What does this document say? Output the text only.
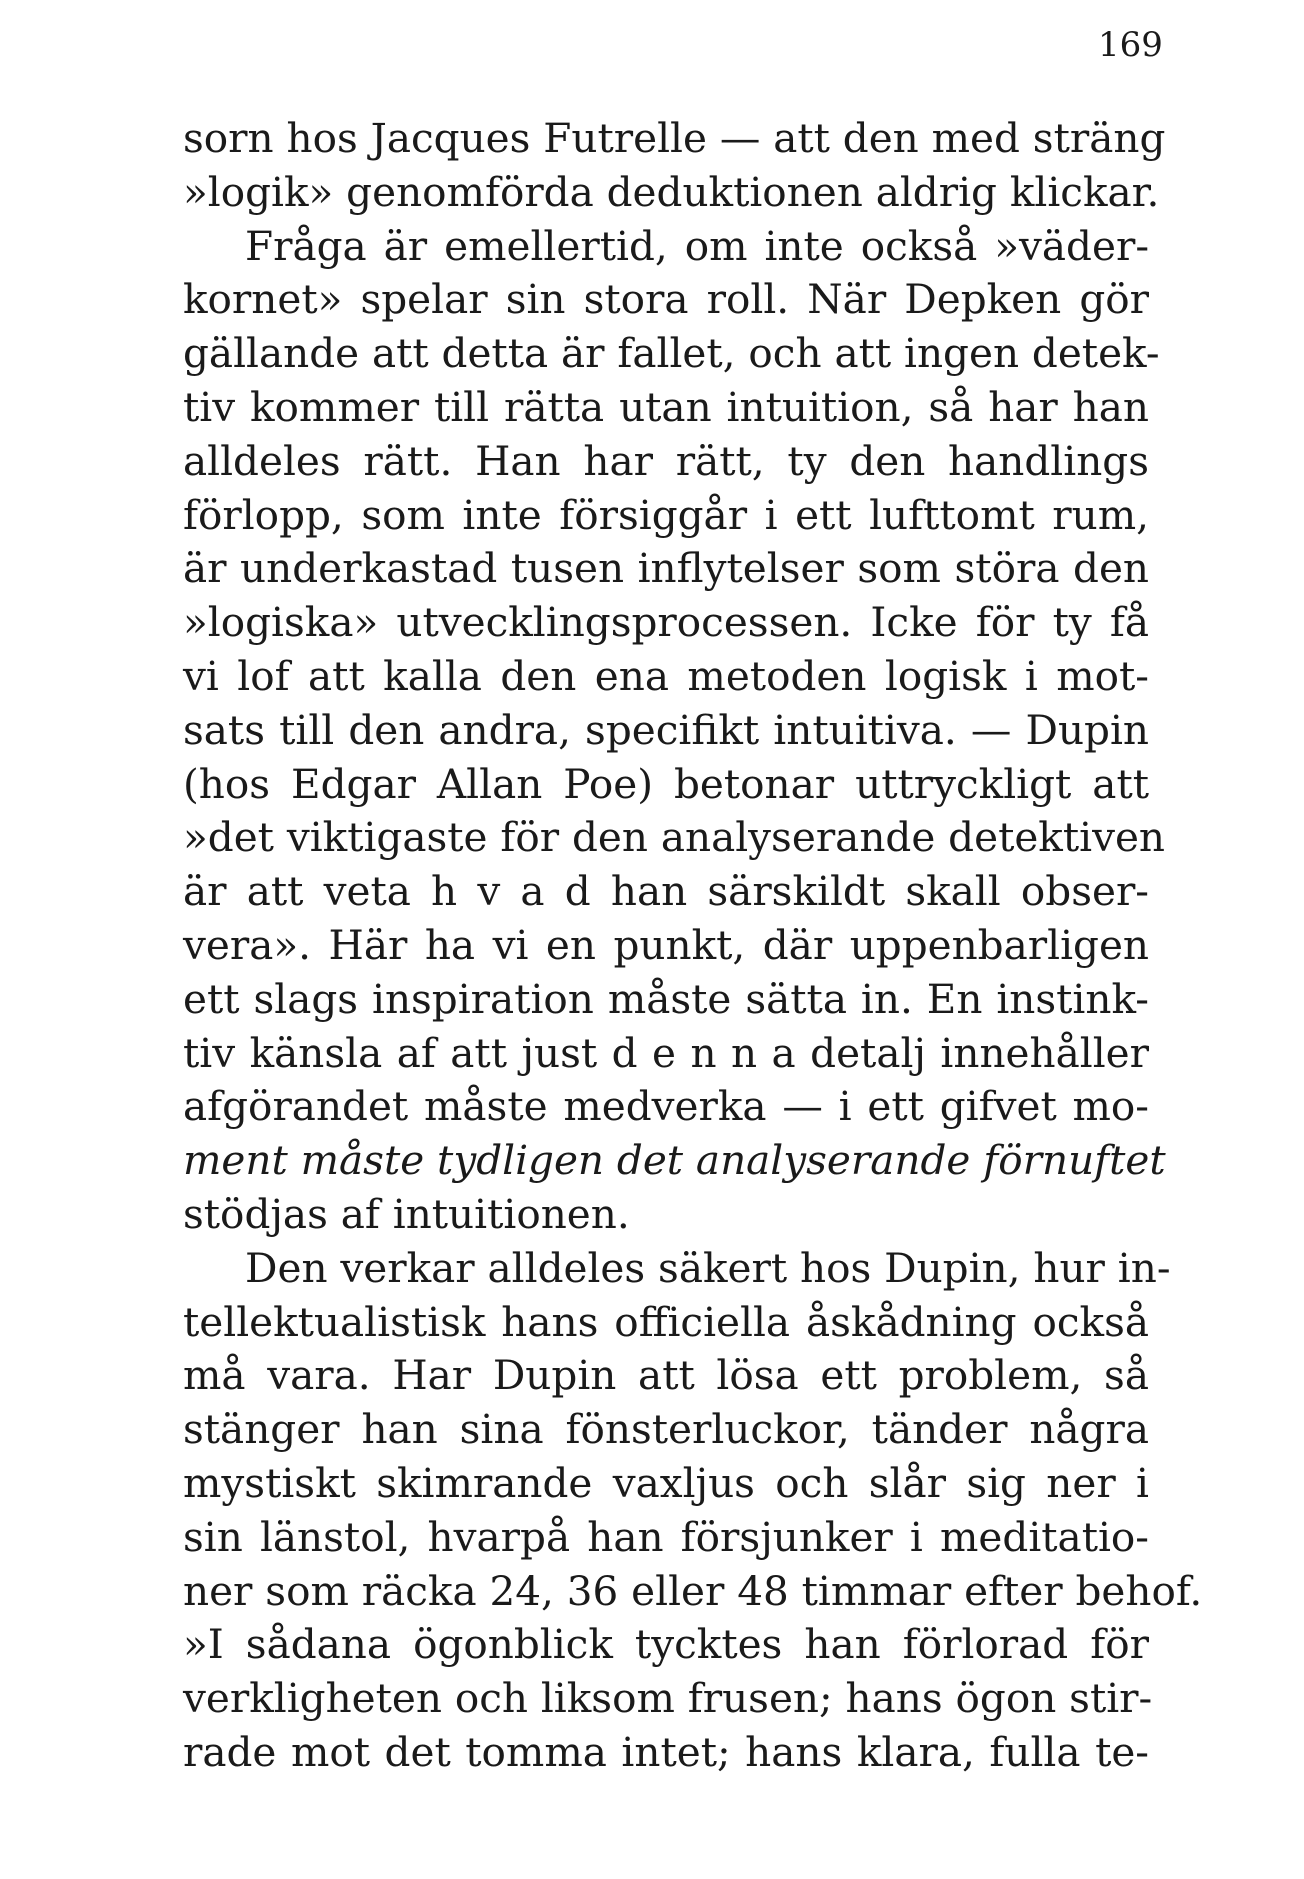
169
sorn hos Jacques Futrelle — att den med sträng
»logik» genomförda deduktionen aldrig klickar.
Fråga är emellertid, om inte också »väder-
kornet» spelar sin stora roll. När Depken gör
gällande att detta är fallet, och att ingen detek-
tiv kommer till rätta utan intuition, så har han
alldeles rätt. Han har rätt, ty den handlings
förlopp, som inte försiggår i ett lufttomt rum,
är underkastad tusen inflytelser som störa den
»logiska» utvecklingsprocessen. Icke för ty få
vi lof att kalla den ena metoden logisk i mot-
sats till den andra, specifikt intuitiva. — Dupin
(hos Edgar Allan Poe) betonar uttryckligt att
»det viktigaste för den analyserande detektiven
är att veta h v a d han särskildt skall obser-
vera». Här ha vi en punkt, där uppenbarligen
ett slags inspiration måste sätta in. En instink-
tiv känsla af att just d e n n a detalj innehåller
afgörandet måste medverka — i ett gifvet mo-
ment måste tydligen det analyserande förnuftet
stödjas af intuitionen.
Den verkar alldeles säkert hos Dupin, hur in-
tellektualistisk hans officiella åskådning också
må vara. Har Dupin att lösa ett problem, så
stänger han sina fönsterluckor, tänder några
mystiskt skimrande vaxljus och slår sig ner i
sin länstol, hvarpå han försjunker i meditatio-
ner som räcka 24, 36 eller 48 timmar efter behof.
»I sådana ögonblick tycktes han förlorad för
verkligheten och liksom frusen; hans ögon stir-
rade mot det tomma intet; hans klara, fulla te-
